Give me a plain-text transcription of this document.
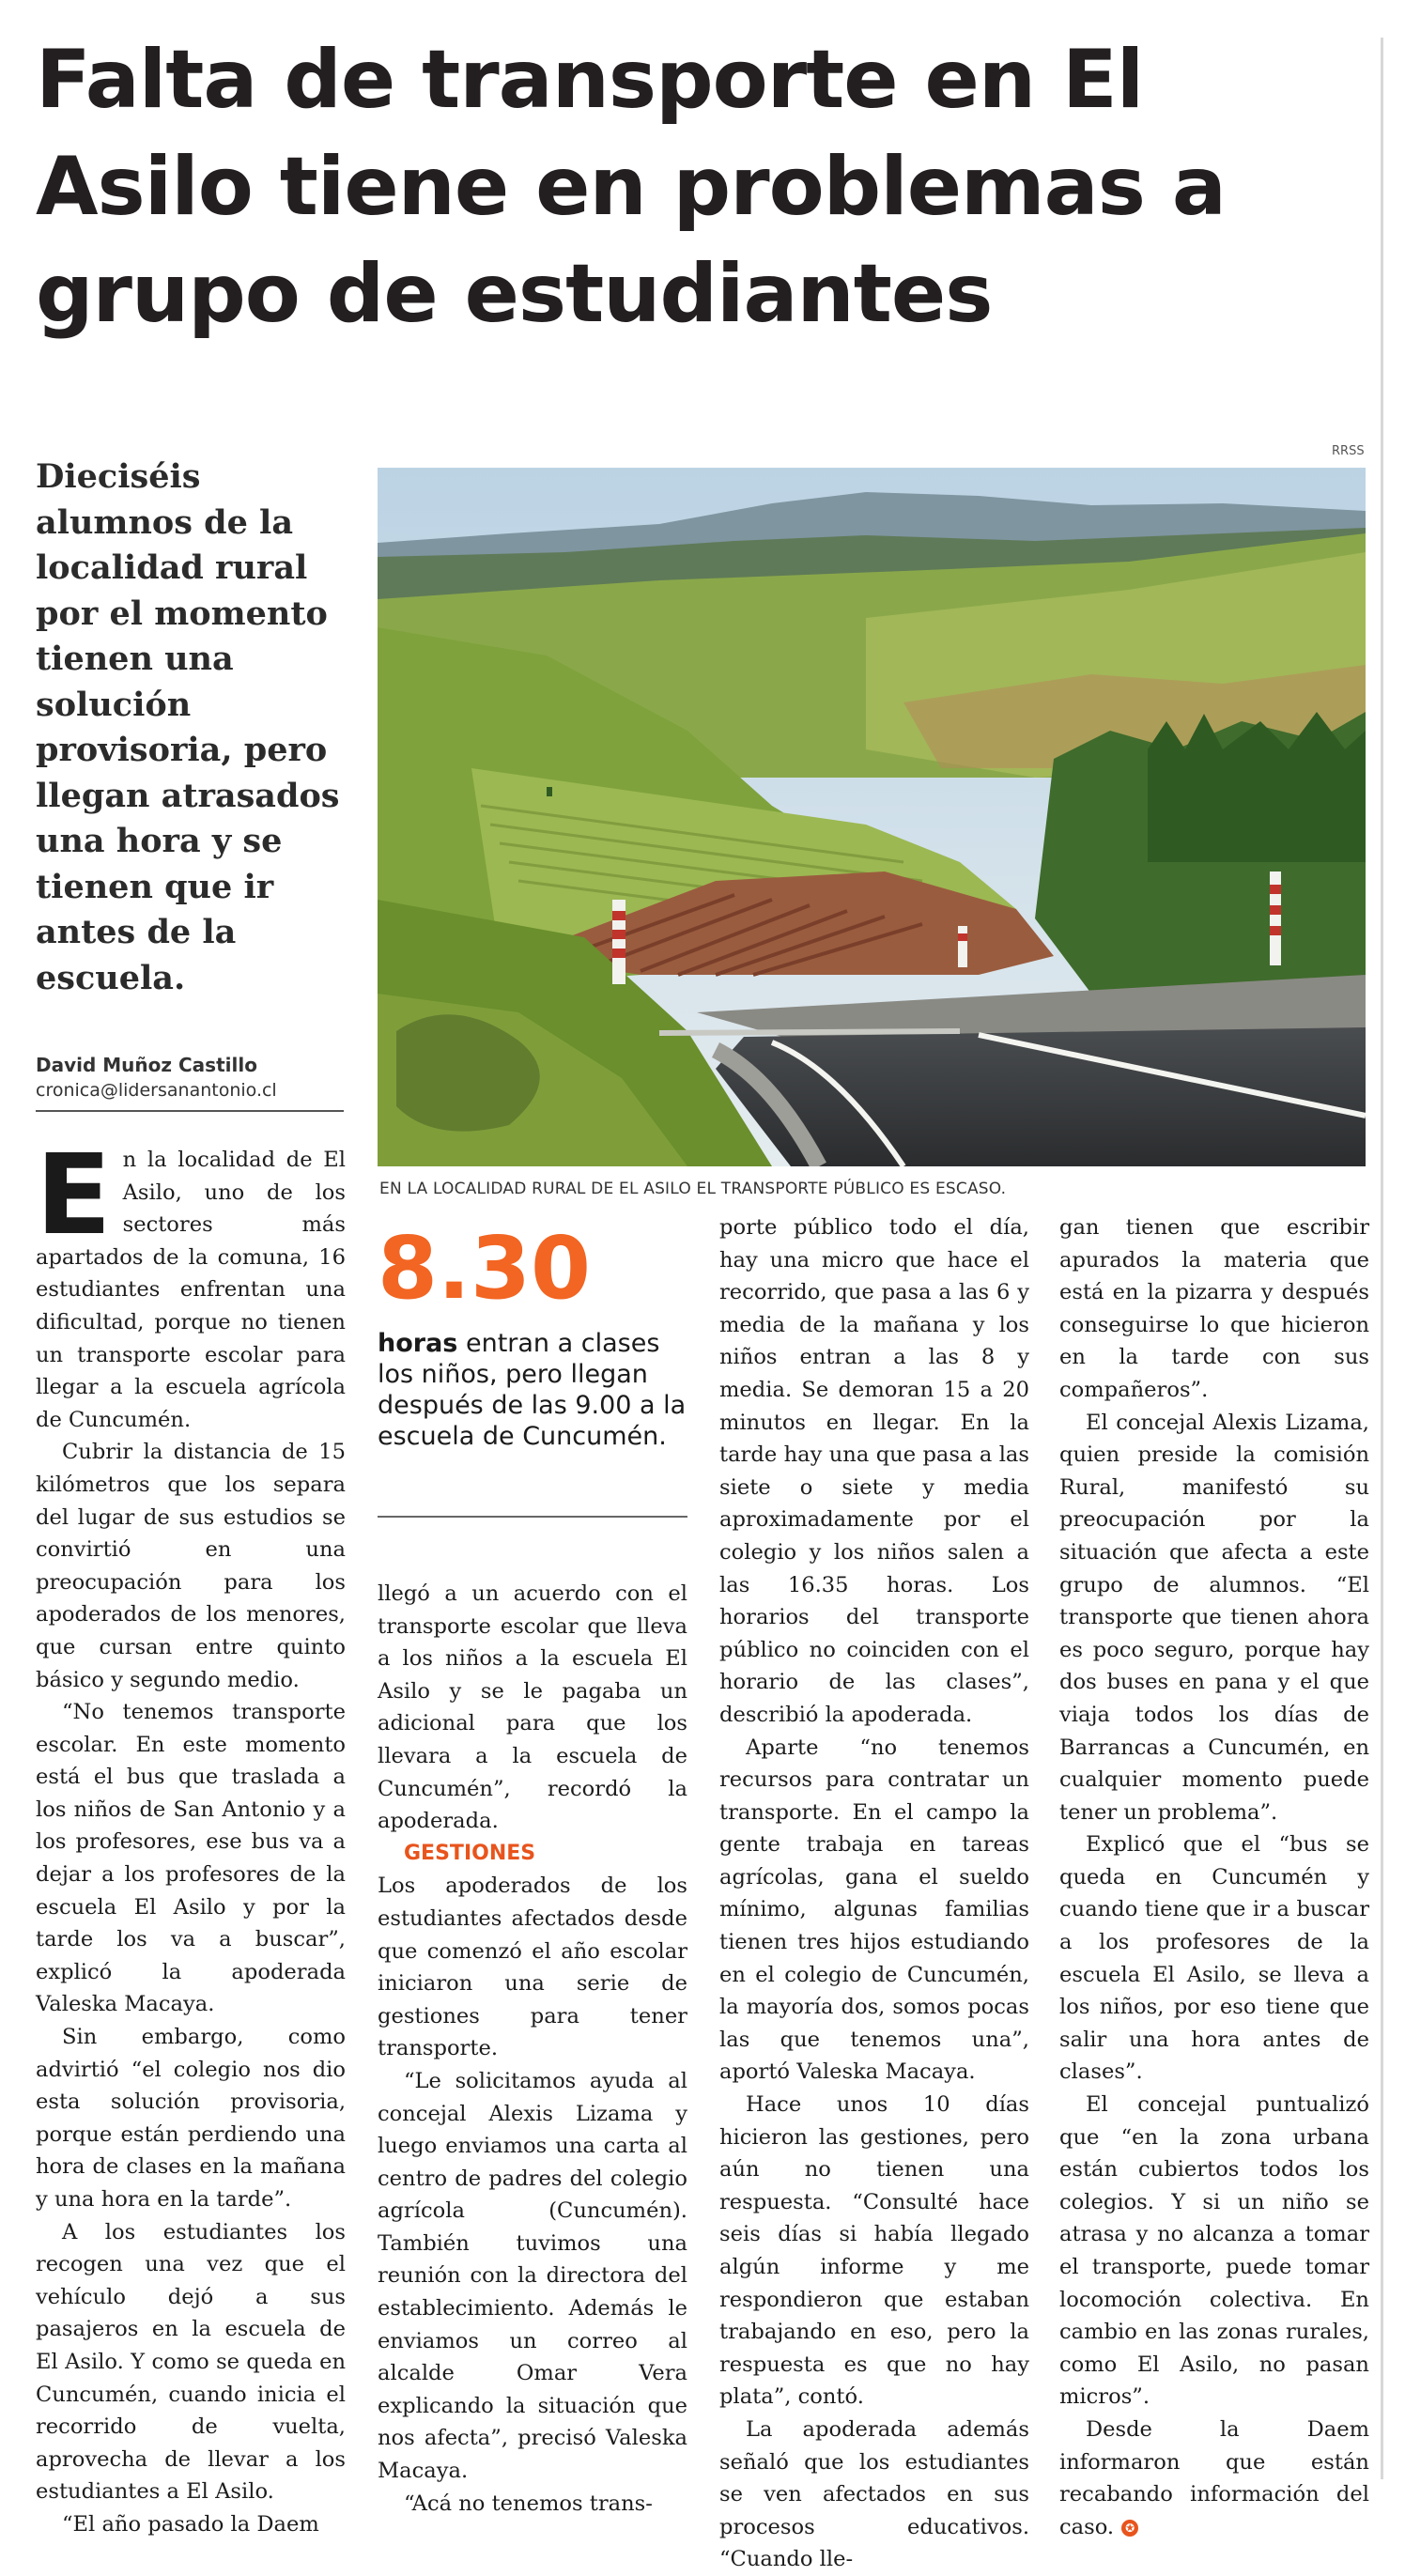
Falta de transporte en El Asilo tiene en problemas a grupo de estudiantes
Dieciséis alumnos de la localidad rural por el momento tienen una solución provisoria, pero llegan atrasados una hora y se tienen que ir antes de la escuela.
David Muñoz Castillo
cronica@lidersanantonio.cl
RRSS
EN LA LOCALIDAD RURAL DE EL ASILO EL TRANSPORTE PÚBLICO ES ESCASO.

En la localidad de El Asilo, uno de los sectores más apartados de la comuna, 16 estudiantes enfrentan una dificultad, porque no tienen un transporte escolar para llegar a la escuela agrícola de Cuncumén.

Cubrir la distancia de 15 kilómetros que los separa del lugar de sus estudios se convirtió en una preocupación para los apoderados de los menores, que cursan entre quinto básico y segundo medio.

“No tenemos transporte escolar. En este momento está el bus que traslada a los niños de San Antonio y a los profesores, ese bus va a dejar a los profesores de la escuela El Asilo y por la tarde los va a buscar”, explicó la apoderada Valeska Macaya.

Sin embargo, como advirtió “el colegio nos dio esta solución provisoria, porque están perdiendo una hora de clases en la mañana y una hora en la tarde”.

A los estudiantes los recogen una vez que el vehículo dejó a sus pasajeros en la escuela de El Asilo. Y como se queda en Cuncumén, cuando inicia el recorrido de vuelta, aprovecha de llevar a los estudiantes a El Asilo.

“El año pasado la Daem

8.30
horas entran a clases los niños, pero llegan después de las 9.00 a la escuela de Cuncumén.

llegó a un acuerdo con el transporte escolar que lleva a los niños a la escuela El Asilo y se le pagaba un adicional para que los llevara a la escuela de Cuncumén”, recordó la apoderada.

GESTIONES

Los apoderados de los estudiantes afectados desde que comenzó el año escolar iniciaron una serie de gestiones para tener transporte.

“Le solicitamos ayuda al concejal Alexis Lizama y luego enviamos una carta al centro de padres del colegio agrícola (Cuncumén). También tuvimos una reunión con la directora del establecimiento. Además le enviamos un correo al alcalde Omar Vera explicando la situación que nos afecta”, precisó Valeska Macaya.

“Acá no tenemos trans-

porte público todo el día, hay una micro que hace el recorrido, que pasa a las 6 y media de la mañana y los niños entran a las 8 y media. Se demoran 15 a 20 minutos en llegar. En la tarde hay una que pasa a las siete o siete y media aproximadamente por el colegio y los niños salen a las 16.35 horas. Los horarios del transporte público no coinciden con el horario de las clases”, describió la apoderada.

Aparte “no tenemos recursos para contratar un transporte. En el campo la gente trabaja en tareas agrícolas, gana el sueldo mínimo, algunas familias tienen tres hijos estudiando en el colegio de Cuncumén, la mayoría dos, somos pocas las que tenemos una”, aportó Valeska Macaya.

Hace unos 10 días hicieron las gestiones, pero aún no tienen una respuesta. “Consulté hace seis días si había llegado algún informe y me respondieron que estaban trabajando en eso, pero la respuesta es que no hay plata”, contó.

La apoderada además señaló que los estudiantes se ven afectados en sus procesos educativos. “Cuando lle-

gan tienen que escribir apurados la materia que está en la pizarra y después conseguirse lo que hicieron en la tarde con sus compañeros”.

El concejal Alexis Lizama, quien preside la comisión Rural, manifestó su preocupación por la situación que afecta a este grupo de alumnos. “El transporte que tienen ahora es poco seguro, porque hay dos buses en pana y el que viaja todos los días de Barrancas a Cuncumén, en cualquier momento puede tener un problema”.

Explicó que el “bus se queda en Cuncumén y cuando tiene que ir a buscar a los profesores de la escuela El Asilo, se lleva a los niños, por eso tiene que salir una hora antes de clases”.

El concejal puntualizó que “en la zona urbana están cubiertos todos los colegios. Y si un niño se atrasa y no alcanza a tomar el transporte, puede tomar locomoción colectiva. En cambio en las zonas rurales, como El Asilo, no pasan micros”.

Desde la Daem informaron que están recabando información del caso. ✪
